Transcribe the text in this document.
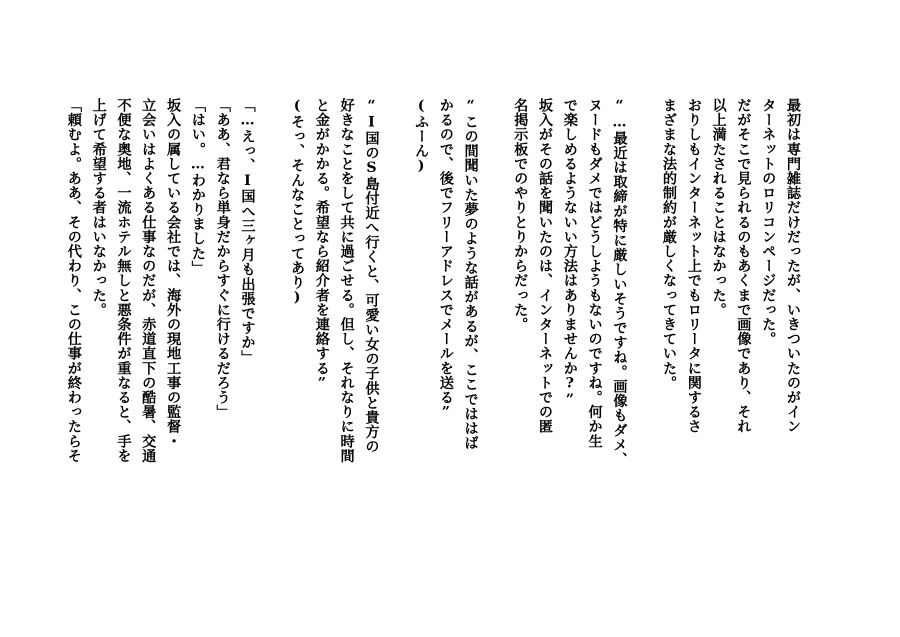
最初は専門雑誌だけだったが、いきついたのがイン
ターネットのロリコンページだった。
だがそこで見られるのもあくまで画像であり、それ
以上満たされることはなかった。
おりしもインターネット上でもロリータに関するさ
まざまな法的制約が厳しくなってきていた。
“…最近は取締が特に厳しいそうですね。画像もダメ、
ヌードもダメではどうしようもないのですね。何か生
で楽しめるようないい方法はありませんか?”
坂入がその話を聞いたのは、インターネットでの匿
名掲示板でのやりとりからだった。
“この間聞いた夢のような話があるが、ここでははば
かるので、後でフリーアドレスでメールを送る”
(ふーん)
“I国のS島付近へ行くと、可愛い女の子供と貴方の
好きなことをして共に過ごせる。但し、それなりに時間
と金がかかる。希望なら紹介者を連絡する”
(そっ、そんなことってあり)
「…えっ、I国へ三ヶ月も出張ですか」
「ああ、君なら単身だからすぐに行けるだろう」
「はい。…わかりました」
坂入の属している会社では、海外の現地工事の監督・
立会いはよくある仕事なのだが、赤道直下の酷暑、交通
不便な奥地、一流ホテル無しと悪条件が重なると、手を
上げて希望する者はいなかった。
「頼むよ。ああ、その代わり、この仕事が終わったらそ
